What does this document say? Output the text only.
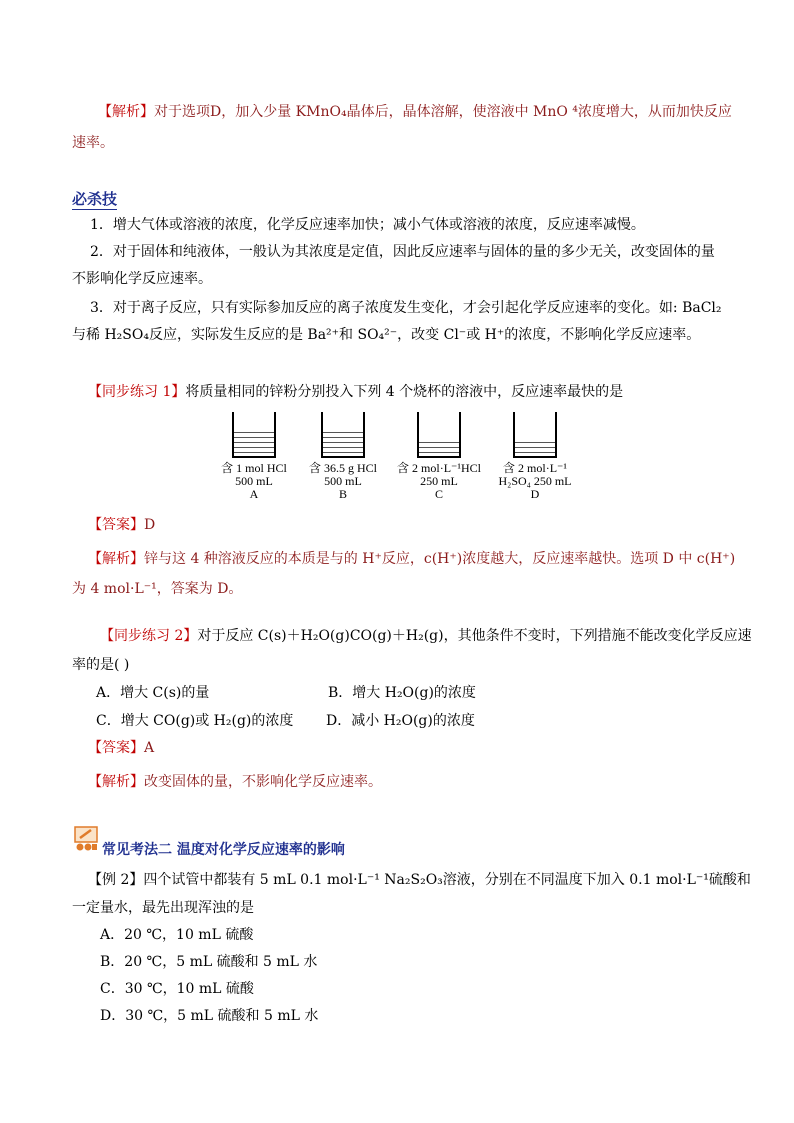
【解析】对于选项D，加入少量 KMnO₄晶体后，晶体溶解，使溶液中 MnO ⁴浓度增大，从而加快反应
速率。
必杀技
1．增大气体或溶液的浓度，化学反应速率加快；减小气体或溶液的浓度，反应速率减慢。
2．对于固体和纯液体，一般认为其浓度是定值，因此反应速率与固体的量的多少无关，改变固体的量
不影响化学反应速率。
3．对于离子反应，只有实际参加反应的离子浓度发生变化，才会引起化学反应速率的变化。如: BaCl₂
与稀 H₂SO₄反应，实际发生反应的是 Ba²⁺和 SO₄²⁻，改变 Cl⁻或 H⁺的浓度，不影响化学反应速率。
【同步练习 1】将质量相同的锌粉分别投入下列 4 个烧杯的溶液中，反应速率最快的是
含 1 mol HCl
500 mL
A
含 36.5 g HCl
500 mL
B
含 2 mol·L⁻¹HCl
250 mL
C
含 2 mol·L⁻¹
H₂SO₄ 250 mL
D
【答案】D
【解析】锌与这 4 种溶液反应的本质是与的 H⁺反应，c(H⁺)浓度越大，反应速率越快。选项 D 中 c(H⁺)
为 4 mol·L⁻¹，答案为 D。
【同步练习 2】对于反应 C(s)＋H₂O(g)CO(g)＋H₂(g)，其他条件不变时，下列措施不能改变化学反应速
率的是( )
A．增大 C(s)的量	B．增大 H₂O(g)的浓度
C．增大 CO(g)或 H₂(g)的浓度 D．减小 H₂O(g)的浓度
【答案】A
【解析】改变固体的量，不影响化学反应速率。
常见考法二 温度对化学反应速率的影响
【例 2】四个试管中都装有 5 mL 0.1 mol·L⁻¹ Na₂S₂O₃溶液，分别在不同温度下加入 0.1 mol·L⁻¹硫酸和
一定量水，最先出现浑浊的是
A．20 ℃，10 mL 硫酸
B．20 ℃，5 mL 硫酸和 5 mL 水
C．30 ℃，10 mL 硫酸
D．30 ℃，5 mL 硫酸和 5 mL 水
